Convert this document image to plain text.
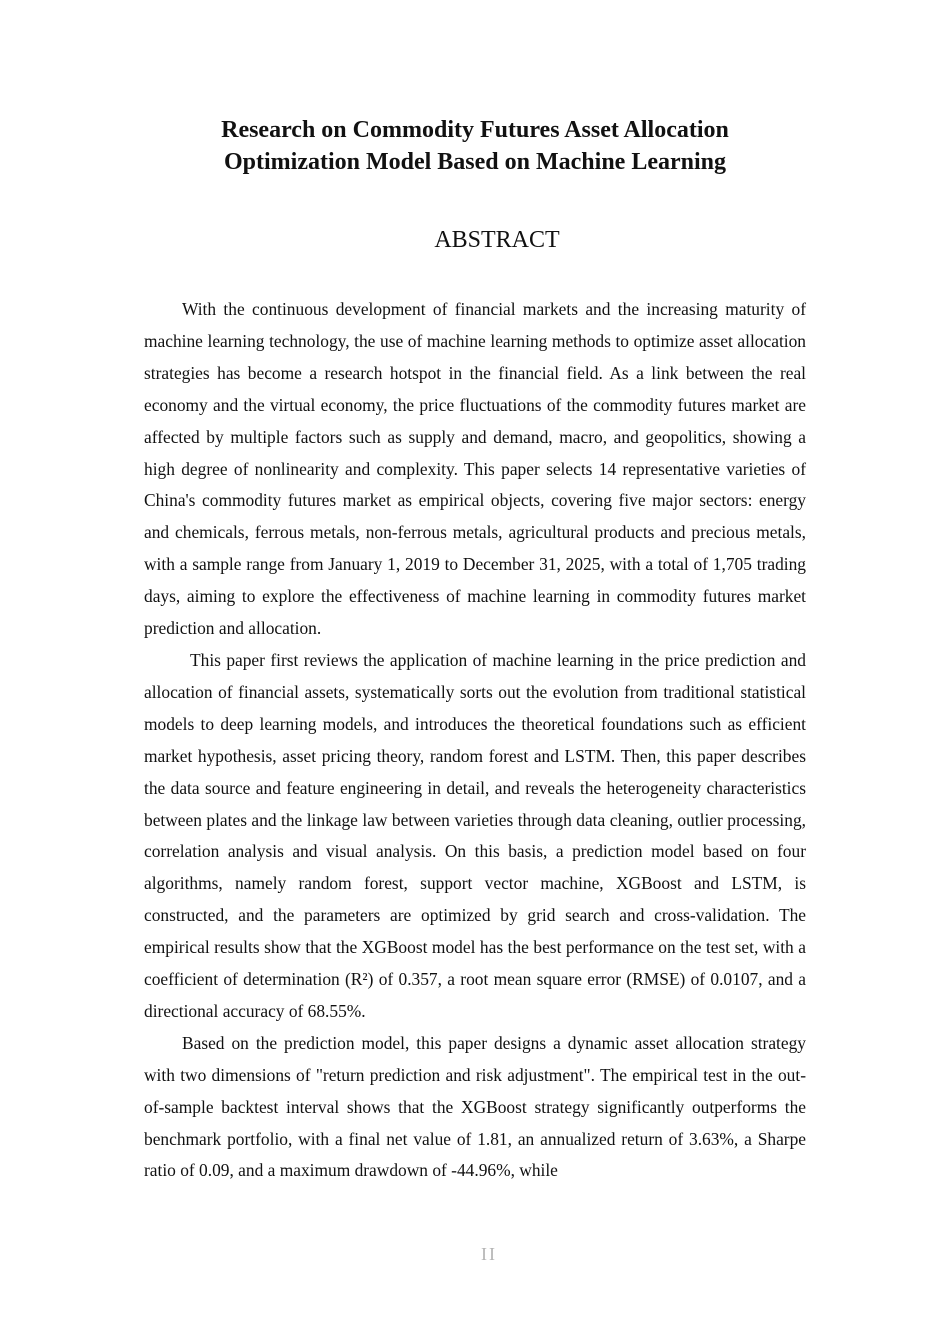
Research on Commodity Futures Asset Allocation
Optimization Model Based on Machine Learning
ABSTRACT

With the continuous development of financial markets and the increasing maturity of machine learning technology, the use of machine learning methods to optimize asset allocation strategies has become a research hotspot in the financial field. As a link between the real economy and the virtual economy, the price fluctuations of the commodity futures market are affected by multiple factors such as supply and demand, macro, and geopolitics, showing a high degree of nonlinearity and complexity. This paper selects 14 representative varieties of China's commodity futures market as empirical objects, covering five major sectors: energy and chemicals, ferrous metals, non-ferrous metals, agricultural products and precious metals, with a sample range from January 1, 2019 to December 31, 2025, with a total of 1,705 trading days, aiming to explore the effectiveness of machine learning in commodity futures market prediction and allocation.

This paper first reviews the application of machine learning in the price prediction and allocation of financial assets, systematically sorts out the evolution from traditional statistical models to deep learning models, and introduces the theoretical foundations such as efficient market hypothesis, asset pricing theory, random forest and LSTM. Then, this paper describes the data source and feature engineering in detail, and reveals the heterogeneity characteristics between plates and the linkage law between varieties through data cleaning, outlier processing, correlation analysis and visual analysis. On this basis, a prediction model based on four algorithms, namely random forest, support vector machine, XGBoost and LSTM, is constructed, and the parameters are optimized by grid search and cross-validation. The empirical results show that the XGBoost model has the best performance on the test set, with a coefficient of determination (R²) of 0.357, a root mean square error (RMSE) of 0.0107, and a directional accuracy of 68.55%.

Based on the prediction model, this paper designs a dynamic asset allocation strategy with two dimensions of "return prediction and risk adjustment". The empirical test in the out-of-sample backtest interval shows that the XGBoost strategy significantly outperforms the benchmark portfolio, with a final net value of 1.81, an annualized return of 3.63%, a Sharpe ratio of 0.09, and a maximum drawdown of -44.96%, while

II
